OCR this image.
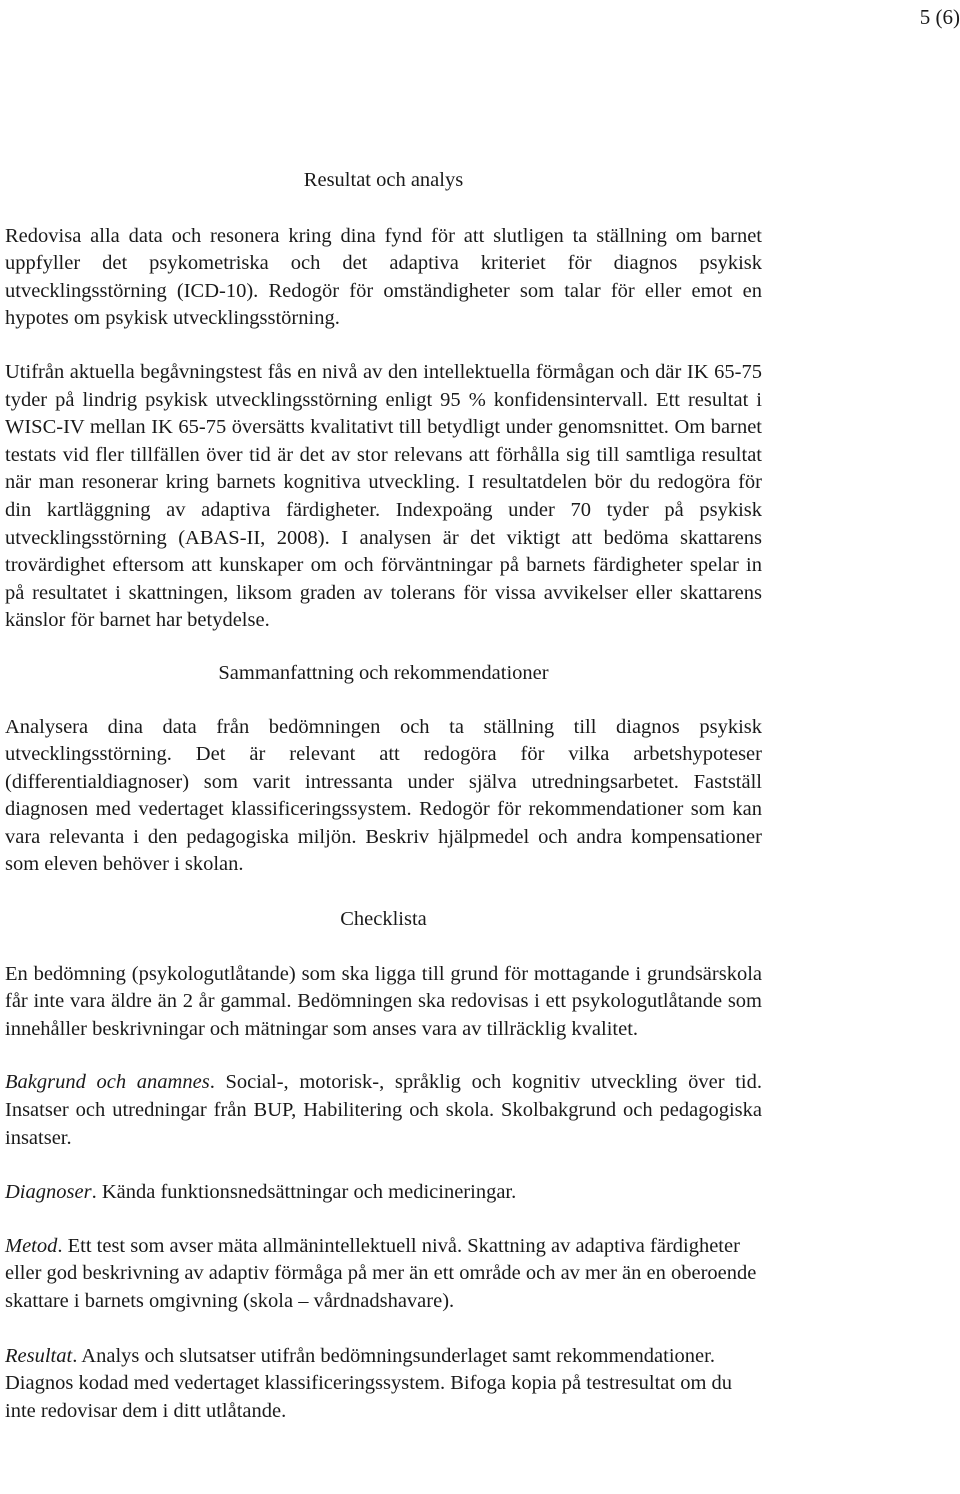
5 (6)
Resultat och analys

Redovisa alla data och resonera kring dina fynd för att slutligen ta ställning om barnet uppfyller det psykometriska och det adaptiva kriteriet för diagnos psykisk utvecklingsstörning (ICD-10). Redogör för omständigheter som talar för eller emot en hypotes om psykisk utvecklingsstörning.

Utifrån aktuella begåvningstest fås en nivå av den intellektuella förmågan och där IK 65-75 tyder på lindrig psykisk utvecklingsstörning enligt 95 % konfidensintervall. Ett resultat i WISC-IV mellan IK 65-75 översätts kvalitativt till betydligt under genomsnittet. Om barnet testats vid fler tillfällen över tid är det av stor relevans att förhålla sig till samtliga resultat när man resonerar kring barnets kognitiva utveckling. I resultatdelen bör du redogöra för din kartläggning av adaptiva färdigheter. Indexpoäng under 70 tyder på psykisk utvecklingsstörning (ABAS-II, 2008). I analysen är det viktigt att bedöma skattarens trovärdighet eftersom att kunskaper om och förväntningar på barnets färdigheter spelar in på resultatet i skattningen, liksom graden av tolerans för vissa avvikelser eller skattarens känslor för barnet har betydelse.

Sammanfattning och rekommendationer

Analysera dina data från bedömningen och ta ställning till diagnos psykisk utvecklingsstörning. Det är relevant att redogöra för vilka arbetshypoteser (differentialdiagnoser) som varit intressanta under själva utredningsarbetet. Fastställ diagnosen med vedertaget klassificeringssystem. Redogör för rekommendationer som kan vara relevanta i den pedagogiska miljön. Beskriv hjälpmedel och andra kompensationer som eleven behöver i skolan.

Checklista

En bedömning (psykologutlåtande) som ska ligga till grund för mottagande i grundsärskola får inte vara äldre än 2 år gammal. Bedömningen ska redovisas i ett psykologutlåtande som innehåller beskrivningar och mätningar som anses vara av tillräcklig kvalitet.

Bakgrund och anamnes. Social-, motorisk-, språklig och kognitiv utveckling över tid. Insatser och utredningar från BUP, Habilitering och skola. Skolbakgrund och pedagogiska insatser.

Diagnoser. Kända funktionsnedsättningar och medicineringar.

Metod. Ett test som avser mäta allmänintellektuell nivå. Skattning av adaptiva färdigheter eller god beskrivning av adaptiv förmåga på mer än ett område och av mer än en oberoende skattare i barnets omgivning (skola – vårdnadshavare).

Resultat. Analys och slutsatser utifrån bedömningsunderlaget samt rekommendationer. Diagnos kodad med vedertaget klassificeringssystem. Bifoga kopia på testresultat om du inte redovisar dem i ditt utlåtande.
